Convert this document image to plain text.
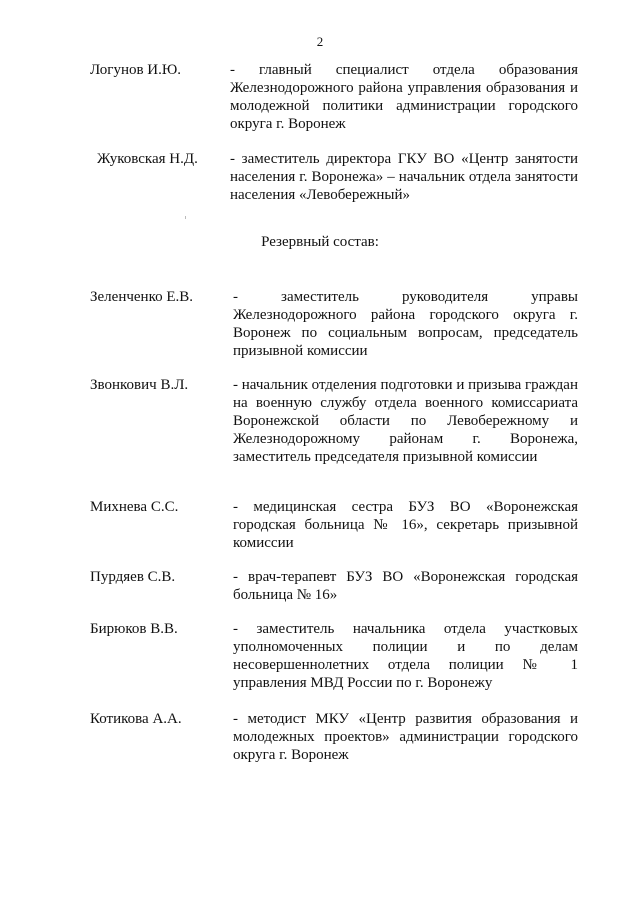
2
Логунов И.Ю.	- главный специалист отдела образования Железнодорожного района управления образования и молодежной политики администрации городского округа г. Воронеж
Жуковская Н.Д. - заместитель директора ГКУ ВО «Центр занятости населения г. Воронежа» – начальник отдела занятости населения «Левобережный»
Резервный состав:
Зеленченко Е.В.	- заместитель руководителя управы Железнодорожного района городского округа г. Воронеж по социальным вопросам, председатель призывной комиссии
Звонкович В.Л.	- начальник отделения подготовки и призыва граждан на военную службу отдела военного комиссариата Воронежской области по Левобережному и Железнодорожному районам г. Воронежа, заместитель председателя призывной комиссии
Михнева С.С.	- медицинская сестра БУЗ ВО «Воронежская городская больница № 16», секретарь призывной комиссии
Пурдяев С.В.	- врач-терапевт БУЗ ВО «Воронежская городская больница № 16»
Бирюков В.В.	- заместитель начальника отдела участковых уполномоченных полиции и по делам несовершеннолетних отдела полиции № 1 управления МВД России по г. Воронежу
Котикова А.А.	- методист МКУ «Центр развития образования и молодежных проектов» администрации городского округа г. Воронеж
